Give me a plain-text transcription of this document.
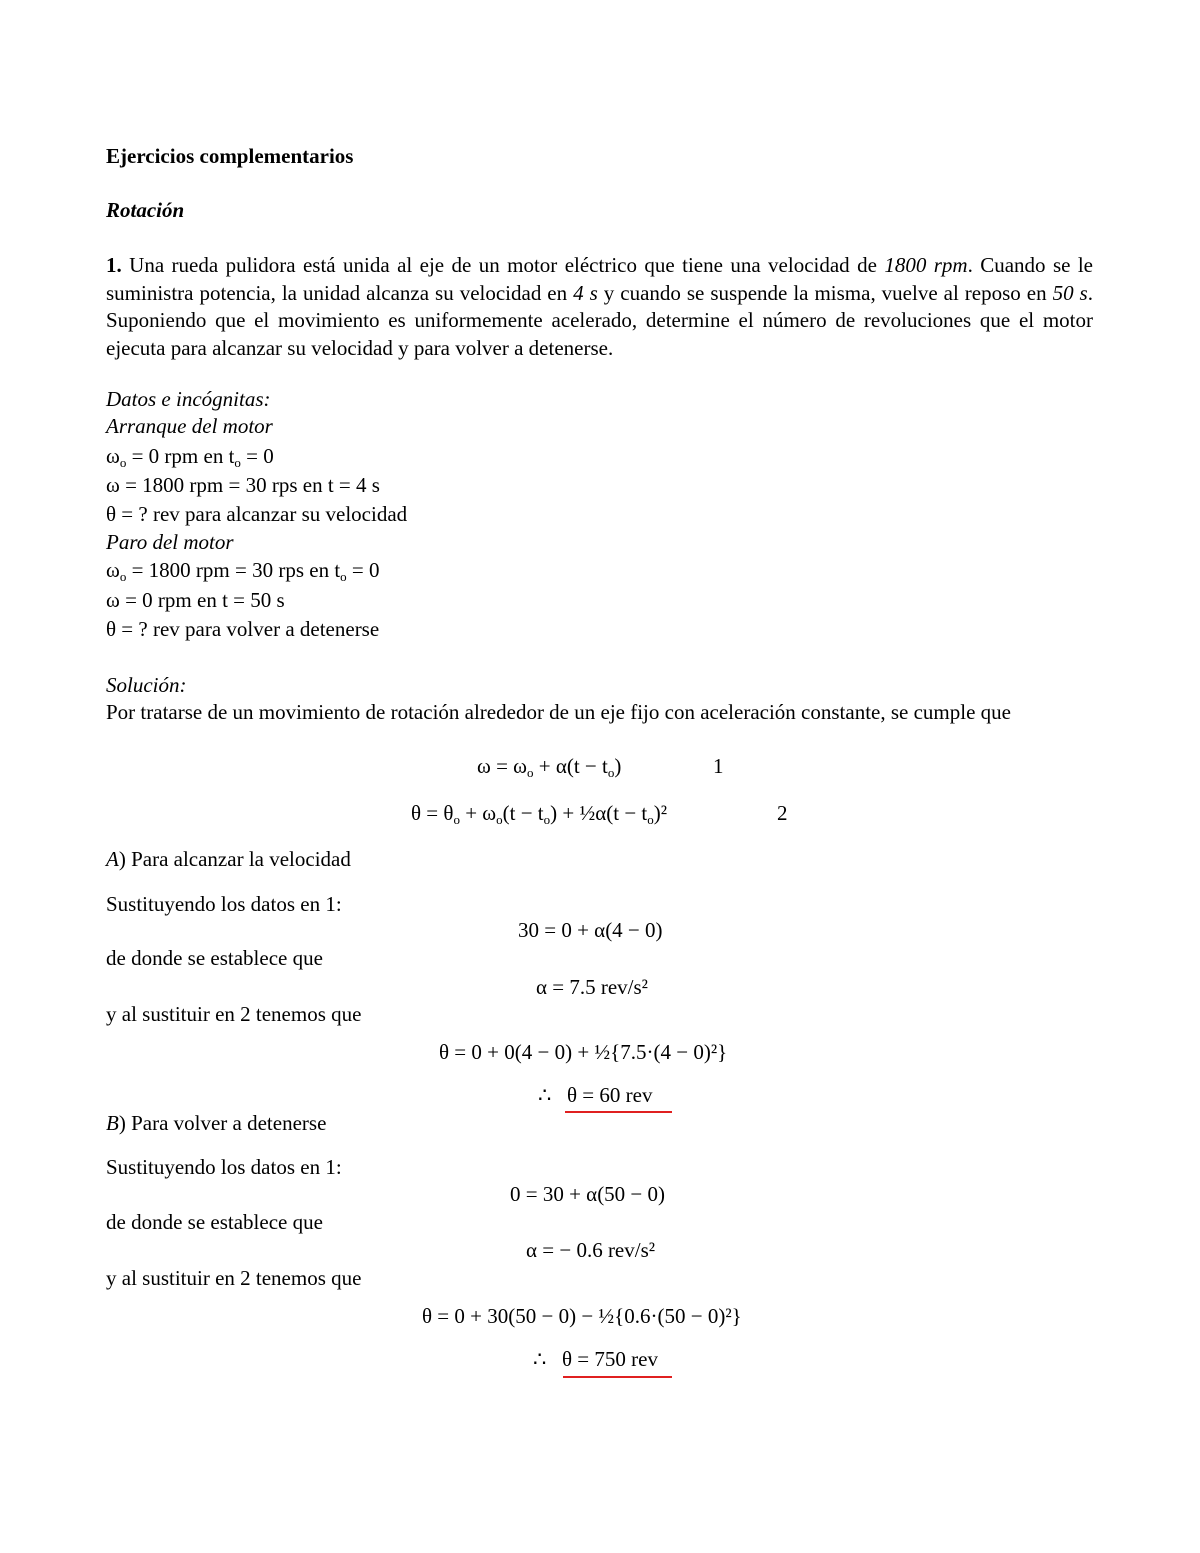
Ejercicios complementarios
Rotación
1. Una rueda pulidora está unida al eje de un motor eléctrico que tiene una velocidad de 1800 rpm. Cuando se le suministra potencia, la unidad alcanza su velocidad en 4 s y cuando se suspende la misma, vuelve al reposo en 50 s. Suponiendo que el movimiento es uniformemente acelerado, determine el número de revoluciones que el motor ejecuta para alcanzar su velocidad y para volver a detenerse.
Datos e incógnitas:
Arranque del motor
$\omega_o = 0$ rpm en $t_o = 0$
ω = 1800 rpm = 30 rps en t = 4 s
θ = ? rev para alcanzar su velocidad
Paro del motor
$\omega_o = 1800$ rpm = 30 rps en $t_o = 0$
ω = 0 rpm en t = 50 s
θ = ? rev para volver a detenerse
Solución:
Por tratarse de un movimiento de rotación alrededor de un eje fijo con aceleración constante, se cumple que
$\omega = \omega_o + \alpha(t - t_o)$	1
$\theta = \theta_o + \omega_o(t - t_o)$ + ½α(t − $t_o)^2$	2
A) Para alcanzar la velocidad
Sustituyendo los datos en 1:
30 = 0 + α(4 − 0)
de donde se establece que
α = 7.5 rev/s²
y al sustituir en 2 tenemos que
θ = 0 + 0(4 − 0) + ½{7.5·(4 − 0)²}
∴ θ = 60 rev
B) Para volver a detenerse
Sustituyendo los datos en 1:
0 = 30 + α(50 − 0)
de donde se establece que
α = − 0.6 rev/s²
y al sustituir en 2 tenemos que
θ = 0 + 30(50 − 0) − ½{0.6·(50 − 0)²}
∴ θ = 750 rev
